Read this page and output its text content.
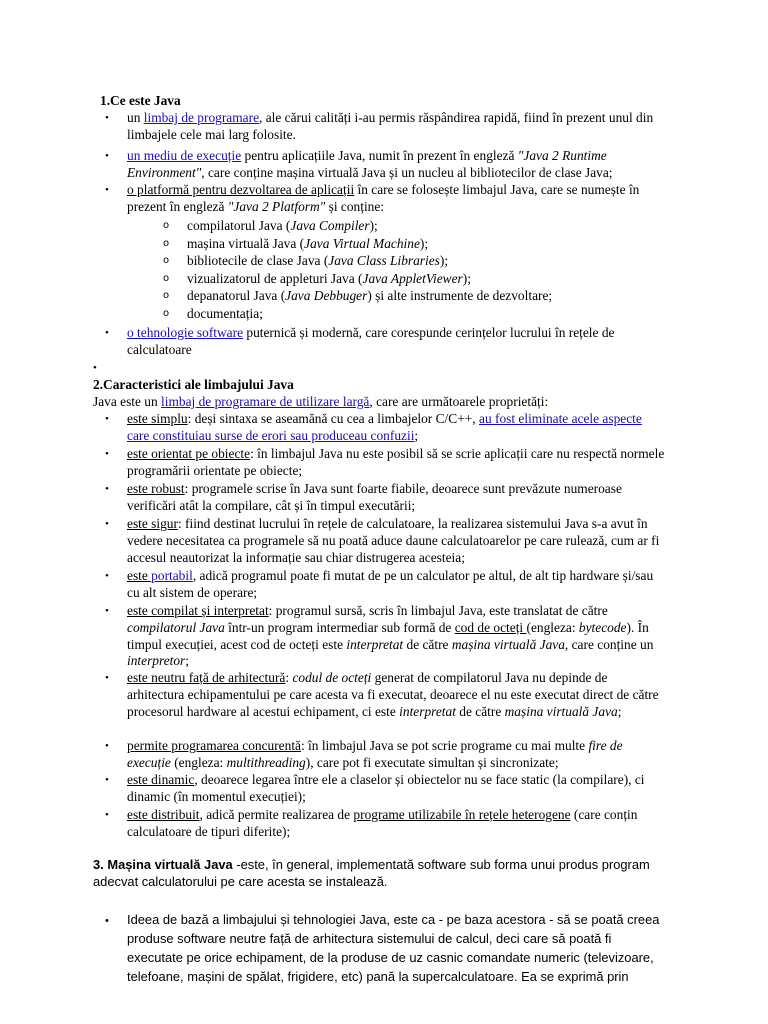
1.Ce este Java
• un limbaj de programare, ale cărui calități i-au permis răspândirea rapidă, fiind în prezent unul din limbajele cele mai larg folosite.
• un mediu de execuție pentru aplicațiile Java, numit în prezent în engleză "Java 2 Runtime Environment", care conține mașina virtuală Java și un nucleu al bibliotecilor de clase Java;
• o platformă pentru dezvoltarea de aplicații în care se folosește limbajul Java, care se numește în prezent în engleză "Java 2 Platform" și conține:
o compilatorul Java (Java Compiler);
o mașina virtuală Java (Java Virtual Machine);
o bibliotecile de clase Java (Java Class Libraries);
o vizualizatorul de appleturi Java (Java AppletViewer);
o depanatorul Java (Java Debbuger) și alte instrumente de dezvoltare;
o documentația;
• o tehnologie software puternică și modernă, care corespunde cerințelor lucrului în rețele de calculatoare
•
2.Caracteristici ale limbajului Java
Java este un limbaj de programare de utilizare largă, care are următoarele proprietăți:
• este simplu: deși sintaxa se aseamănă cu cea a limbajelor C/C++, au fost eliminate acele aspecte care constituiau surse de erori sau produceau confuzii;
• este orientat pe obiecte: în limbajul Java nu este posibil să se scrie aplicații care nu respectă normele programării orientate pe obiecte;
• este robust: programele scrise în Java sunt foarte fiabile, deoarece sunt prevăzute numeroase verificări atât la compilare, cât și în timpul executării;
• este sigur: fiind destinat lucrului în rețele de calculatoare, la realizarea sistemului Java s-a avut în vedere necesitatea ca programele să nu poată aduce daune calculatoarelor pe care rulează, cum ar fi accesul neautorizat la informație sau chiar distrugerea acesteia;
• este portabil, adică programul poate fi mutat de pe un calculator pe altul, de alt tip hardware și/sau cu alt sistem de operare;
• este compilat și interpretat: programul sursă, scris în limbajul Java, este translatat de către compilatorul Java într-un program intermediar sub formă de cod de octeți (engleza: bytecode). În timpul execuției, acest cod de octeți este interpretat de către mașina virtuală Java, care conține un interpretor;
• este neutru față de arhitectură: codul de octeți generat de compilatorul Java nu depinde de arhitectura echipamentului pe care acesta va fi executat, deoarece el nu este executat direct de către procesorul hardware al acestui echipament, ci este interpretat de către mașina virtuală Java;
• permite programarea concurentă: în limbajul Java se pot scrie programe cu mai multe fire de execuție (engleza: multithreading), care pot fi executate simultan și sincronizate;
• este dinamic, deoarece legarea între ele a claselor și obiectelor nu se face static (la compilare), ci dinamic (în momentul execuției);
• este distribuit, adică permite realizarea de programe utilizabile în rețele heterogene (care conțin calculatoare de tipuri diferite);
3. Mașina virtuală Java -este, în general, implementată software sub forma unui produs program adecvat calculatorului pe care acesta se instalează.
• Ideea de bază a limbajului și tehnologiei Java, este ca - pe baza acestora - să se poată creea produse software neutre față de arhitectura sistemului de calcul, deci care să poată fi executate pe orice echipament, de la produse de uz casnic comandate numeric (televizoare, telefoane, mașini de spălat, frigidere, etc) pană la supercalculatoare. Ea se exprimă prin
